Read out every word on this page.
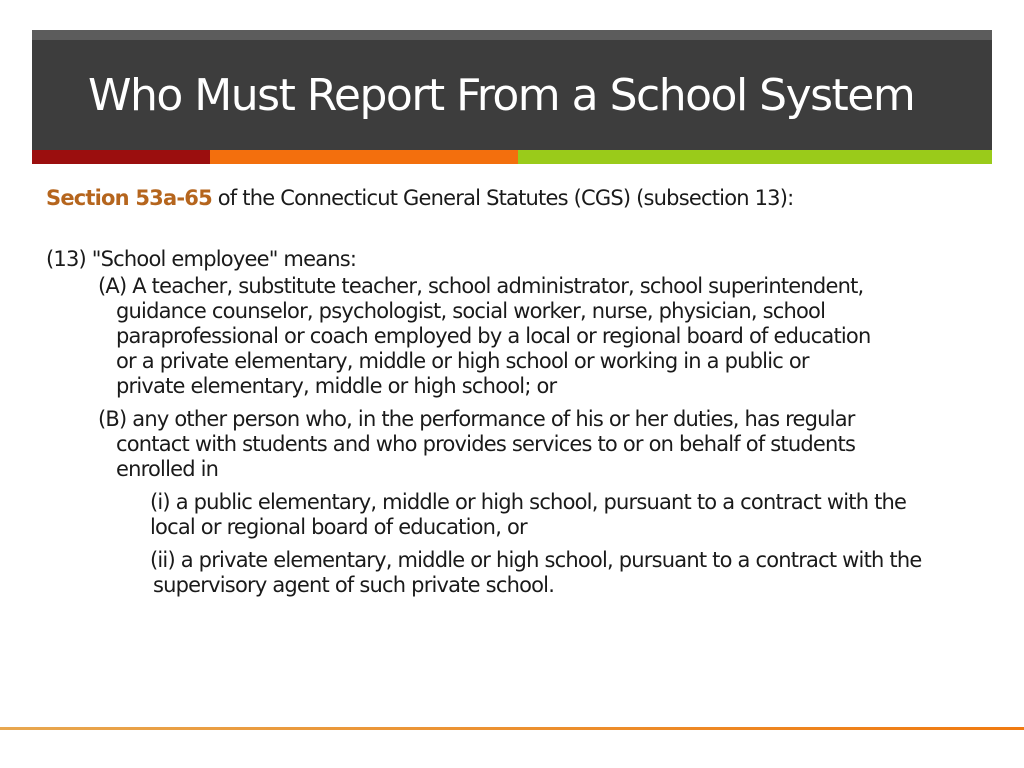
Who Must Report From a School System
Section 53a-65 of the Connecticut General Statutes (CGS) (subsection 13):
(13) "School employee" means:
(A) A teacher, substitute teacher, school administrator, school superintendent, guidance counselor, psychologist, social worker, nurse, physician, school paraprofessional or coach employed by a local or regional board of education or a private elementary, middle or high school or working in a public or private elementary, middle or high school; or
(B) any other person who, in the performance of his or her duties, has regular contact with students and who provides services to or on behalf of students enrolled in
(i) a public elementary, middle or high school, pursuant to a contract with the local or regional board of education, or
(ii) a private elementary, middle or high school, pursuant to a contract with the supervisory agent of such private school.
